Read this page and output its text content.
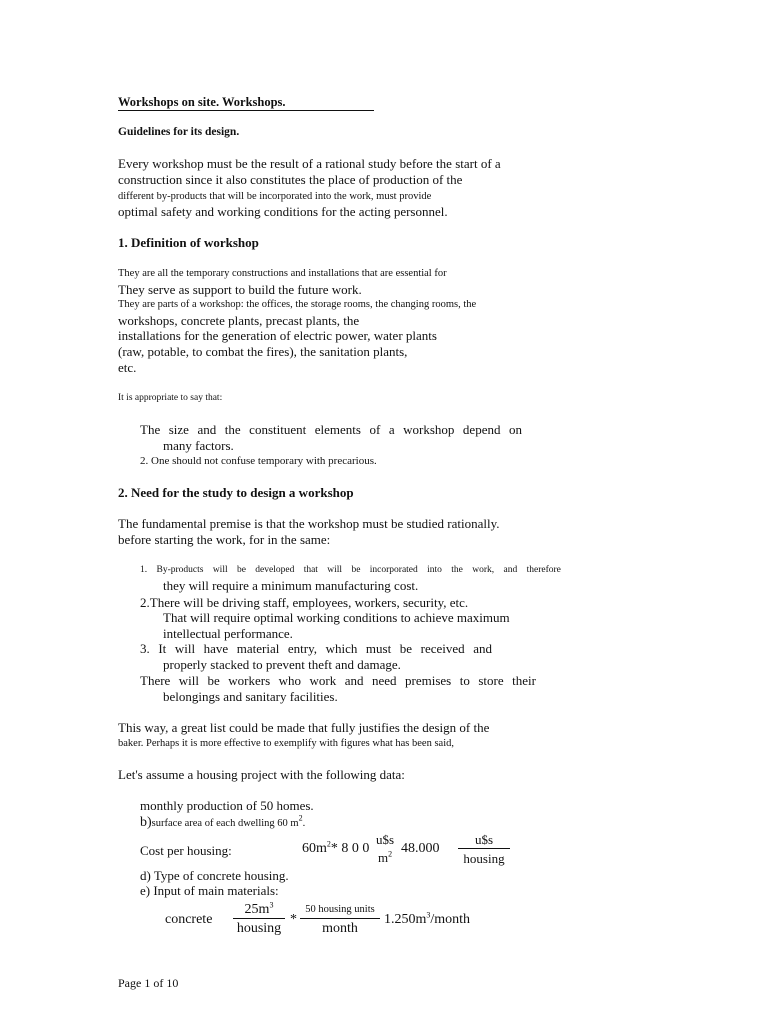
Workshops on site. Workshops.
Guidelines for its design.
Every workshop must be the result of a rational study before the start of a
construction since it also constitutes the place of production of the
different by-products that will be incorporated into the work, must provide
optimal safety and working conditions for the acting personnel.
1. Definition of workshop
They are all the temporary constructions and installations that are essential for
They serve as support to build the future work.
They are parts of a workshop: the offices, the storage rooms, the changing rooms, the
workshops, concrete plants, precast plants, the
installations for the generation of electric power, water plants
(raw, potable, to combat the fires), the sanitation plants,
etc.
It is appropriate to say that:
The size and the constituent elements of a workshop depend on
many factors.
2. One should not confuse temporary with precarious.
2. Need for the study to design a workshop
The fundamental premise is that the workshop must be studied rationally.
before starting the work, for in the same:
1. By-products will be developed that will be incorporated into the work, and therefore
they will require a minimum manufacturing cost.
2.There will be driving staff, employees, workers, security, etc.
That will require optimal working conditions to achieve maximum
intellectual performance.
3. It will have material entry, which must be received and
properly stacked to prevent theft and damage.
There will be workers who work and need premises to store their
belongings and sanitary facilities.
This way, a great list could be made that fully justifies the design of the
baker. Perhaps it is more effective to exemplify with figures what has been said,
Let's assume a housing project with the following data:
monthly production of 50 homes.
b)surface area of each dwelling 60 $m^2$.
Cost per housing:	$60m^2*$ 8 0 0
u$s
$m^2$ 48.000
u$s
housing
d) Type of concrete housing.
e) Input of main materials:
concrete
$25m^3$
housing
*
50 housing units
month
$1.250m^3$/month
Page 1 of 10
